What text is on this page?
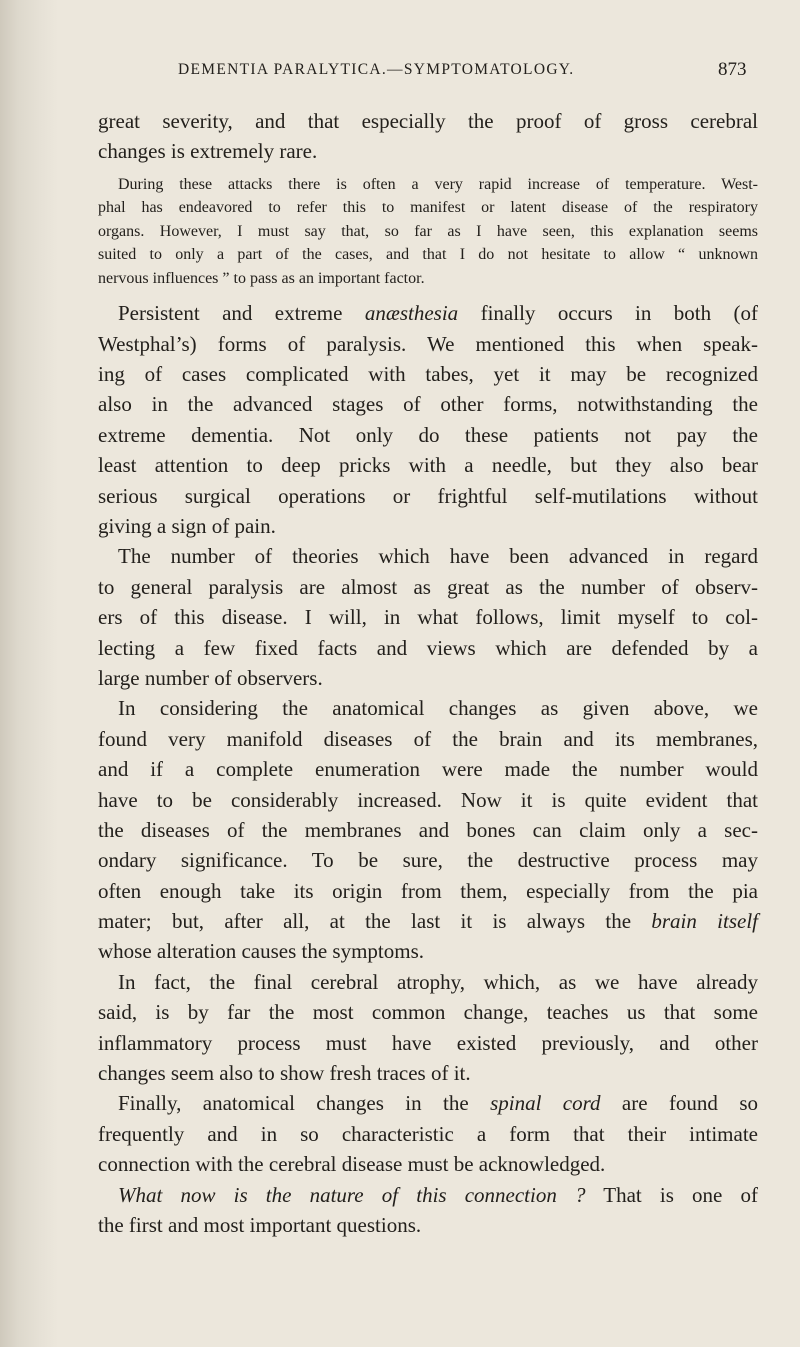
DEMENTIA PARALYTICA.—SYMPTOMATOLOGY.	873
great severity, and that especially the proof of gross cerebral
changes is extremely rare.
During these attacks there is often a very rapid increase of temperature. West-
phal has endeavored to refer this to manifest or latent disease of the respiratory
organs. However, I must say that, so far as I have seen, this explanation seems
suited to only a part of the cases, and that I do not hesitate to allow “ unknown
nervous influences ” to pass as an important factor.
Persistent and extreme anæsthesia finally occurs in both (of
Westphal’s) forms of paralysis. We mentioned this when speak-
ing of cases complicated with tabes, yet it may be recognized
also in the advanced stages of other forms, notwithstanding the
extreme dementia. Not only do these patients not pay the
least attention to deep pricks with a needle, but they also bear
serious surgical operations or frightful self-mutilations without
giving a sign of pain.
The number of theories which have been advanced in regard
to general paralysis are almost as great as the number of observ-
ers of this disease. I will, in what follows, limit myself to col-
lecting a few fixed facts and views which are defended by a
large number of observers.
In considering the anatomical changes as given above, we
found very manifold diseases of the brain and its membranes,
and if a complete enumeration were made the number would
have to be considerably increased. Now it is quite evident that
the diseases of the membranes and bones can claim only a sec-
ondary significance. To be sure, the destructive process may
often enough take its origin from them, especially from the pia
mater; but, after all, at the last it is always the brain itself
whose alteration causes the symptoms.
In fact, the final cerebral atrophy, which, as we have already
said, is by far the most common change, teaches us that some
inflammatory process must have existed previously, and other
changes seem also to show fresh traces of it.
Finally, anatomical changes in the spinal cord are found so
frequently and in so characteristic a form that their intimate
connection with the cerebral disease must be acknowledged.
What now is the nature of this connection ? That is one of
the first and most important questions.
